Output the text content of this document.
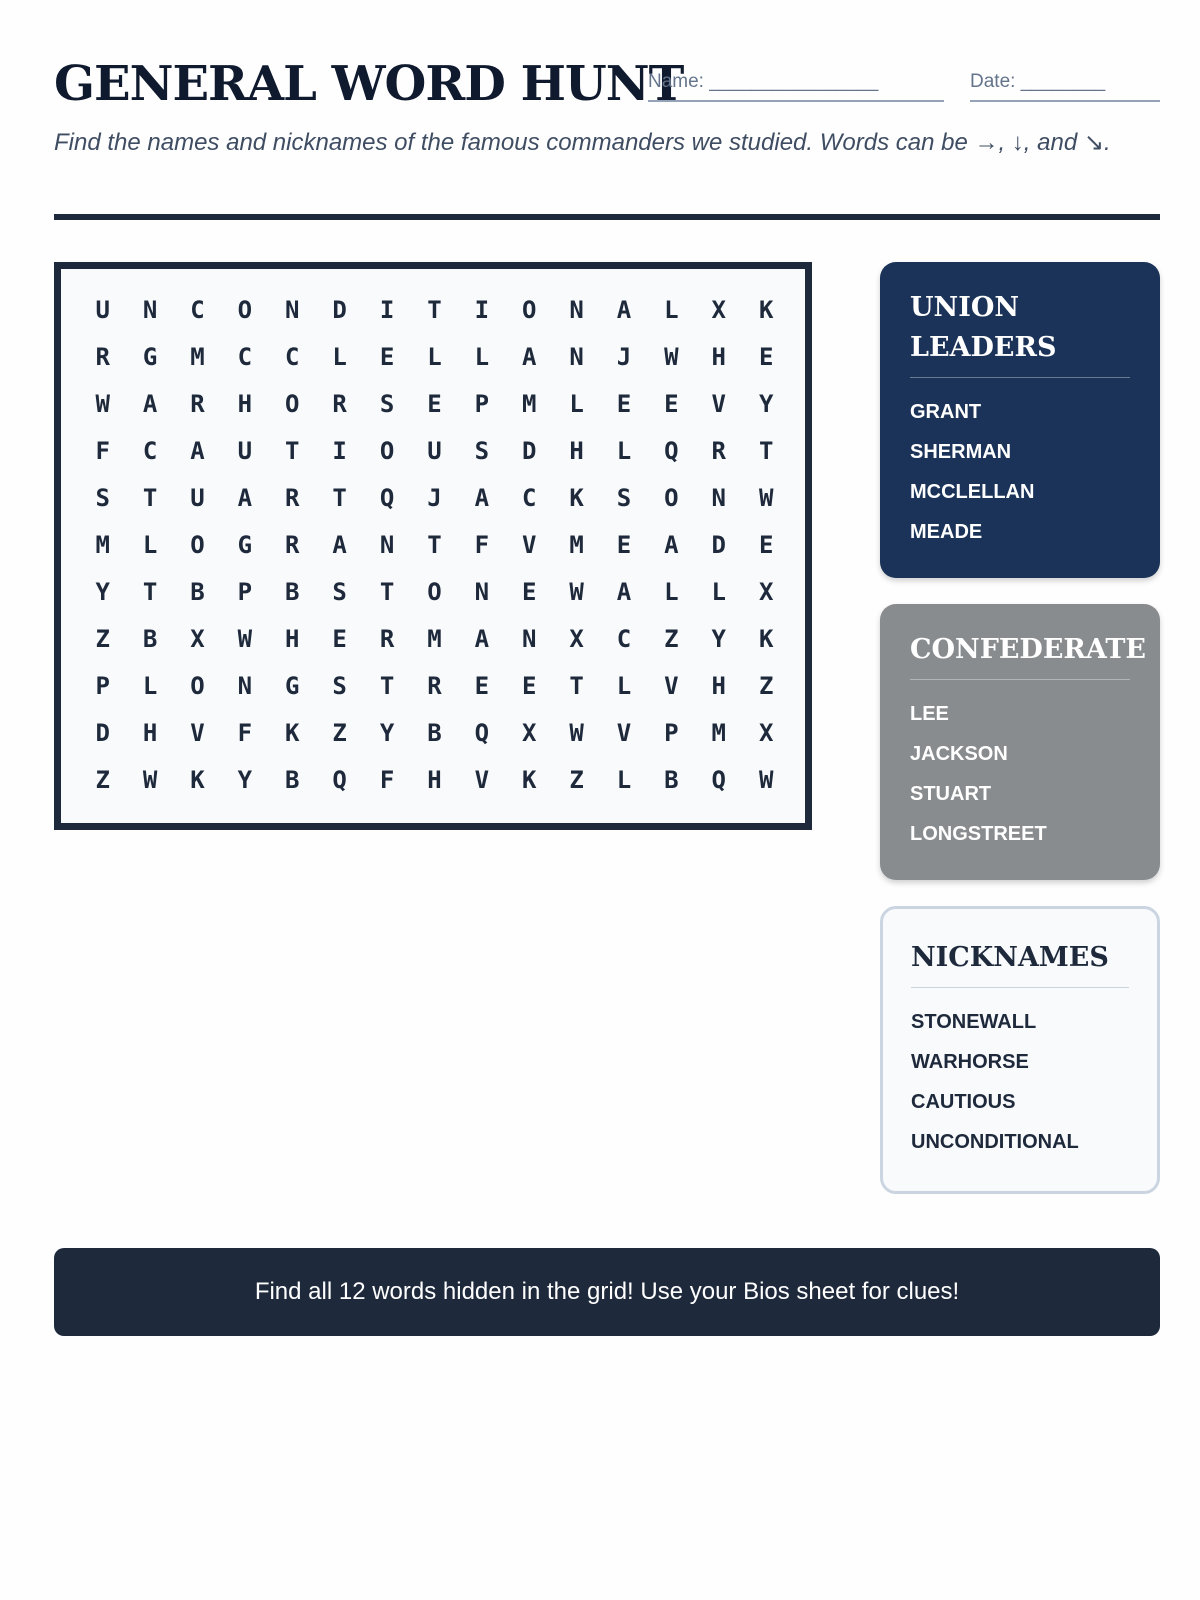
GENERAL WORD HUNT
Name: ________________	Date: ________
Find the names and nicknames of the famous commanders we studied. Words can be →, ↓, and ↘.
U	N	C	O	N	D	I	T	I	O	N	A	L	X	K
R	G	M	C	C	L	E	L	L	A	N	J	W	H	E
W	A	R	H	O	R	S	E	P	M	L	E	E	V	Y
F	C	A	U	T	I	O	U	S	D	H	L	Q	R	T
S	T	U	A	R	T	Q	J	A	C	K	S	O	N	W
M	L	O	G	R	A	N	T	F	V	M	E	A	D	E
Y	T	B	P	B	S	T	O	N	E	W	A	L	L	X
Z	B	X	W	H	E	R	M	A	N	X	C	Z	Y	K
P	L	O	N	G	S	T	R	E	E	T	L	V	H	Z
D	H	V	F	K	Z	Y	B	Q	X	W	V	P	M	X
Z	W	K	Y	B	Q	F	H	V	K	Z	L	B	Q	W
UNION LEADERS
GRANT
SHERMAN
MCCLELLAN
MEADE
CONFEDERATE
LEE
JACKSON
STUART
LONGSTREET
NICKNAMES
STONEWALL
WARHORSE
CAUTIOUS
UNCONDITIONAL
Find all 12 words hidden in the grid! Use your Bios sheet for clues!
